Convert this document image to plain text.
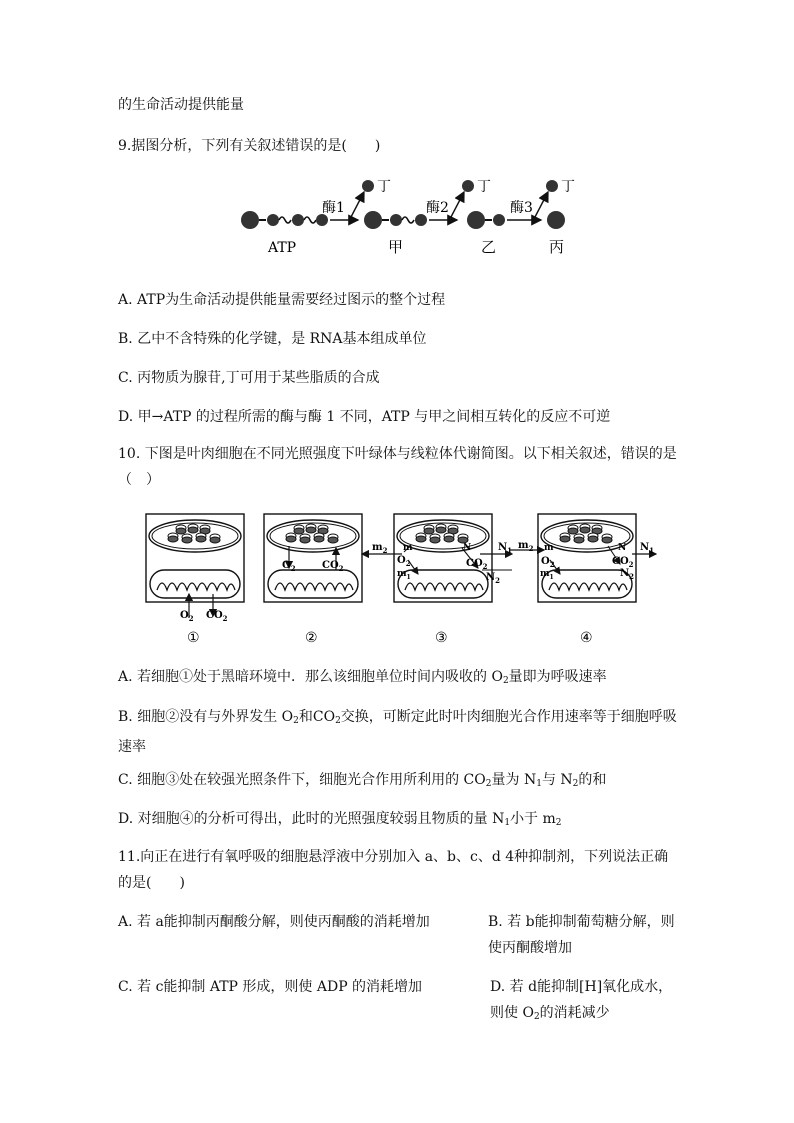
的生命活动提供能量
9.据图分析，下列有关叙述错误的是(　　)
ATP
酶1
丁
甲
酶2
丁
乙
酶3
丁
丙
A. ATP为生命活动提供能量需要经过图示的整个过程
B. 乙中不含特殊的化学键，是 RNA基本组成单位
C. 丙物质为腺苷,丁可用于某些脂质的合成
D. 甲→ATP 的过程所需的酶与酶 1 不同，ATP 与甲之间相互转化的反应不可逆
10. 下图是叶肉细胞在不同光照强度下叶绿体与线粒体代谢简图。以下相关叙述，错误的是（　）
$O_2$ $CO_2$
①
$O_2$	$CO_2$
②
$m_2$ m
$O_2$
N
$CO_2$
$N_1$
$N_2$
$m_1$
③
$m_2$ m
$O_2$
N
$CO_2$
$N_1$
$N_2$
$m_1$
④
A. 若细胞①处于黑暗环境中．那么该细胞单位时间内吸收的 $O_2$量即为呼吸速率
B. 细胞②没有与外界发生 $O_2$和$CO_2$交换，可断定此时叶肉细胞光合作用速率等于细胞呼吸速率
C. 细胞③处在较强光照条件下，细胞光合作用所利用的 $CO_2$量为 $N_1$与 $N_2$的和
D. 对细胞④的分析可得出，此时的光照强度较弱且物质的量 $N_1$小于 $m_2$
11.向正在进行有氧呼吸的细胞悬浮液中分别加入 a、b、c、d 4种抑制剂，下列说法正确的是(　　)
A. 若 a能抑制丙酮酸分解，则使丙酮酸的消耗增加	B. 若 b能抑制葡萄糖分解，则使丙酮酸增加
C. 若 c能抑制 ATP 形成，则使 ADP 的消耗增加	D. 若 d能抑制[H]氧化成水，则使 $O_2$的消耗减少
